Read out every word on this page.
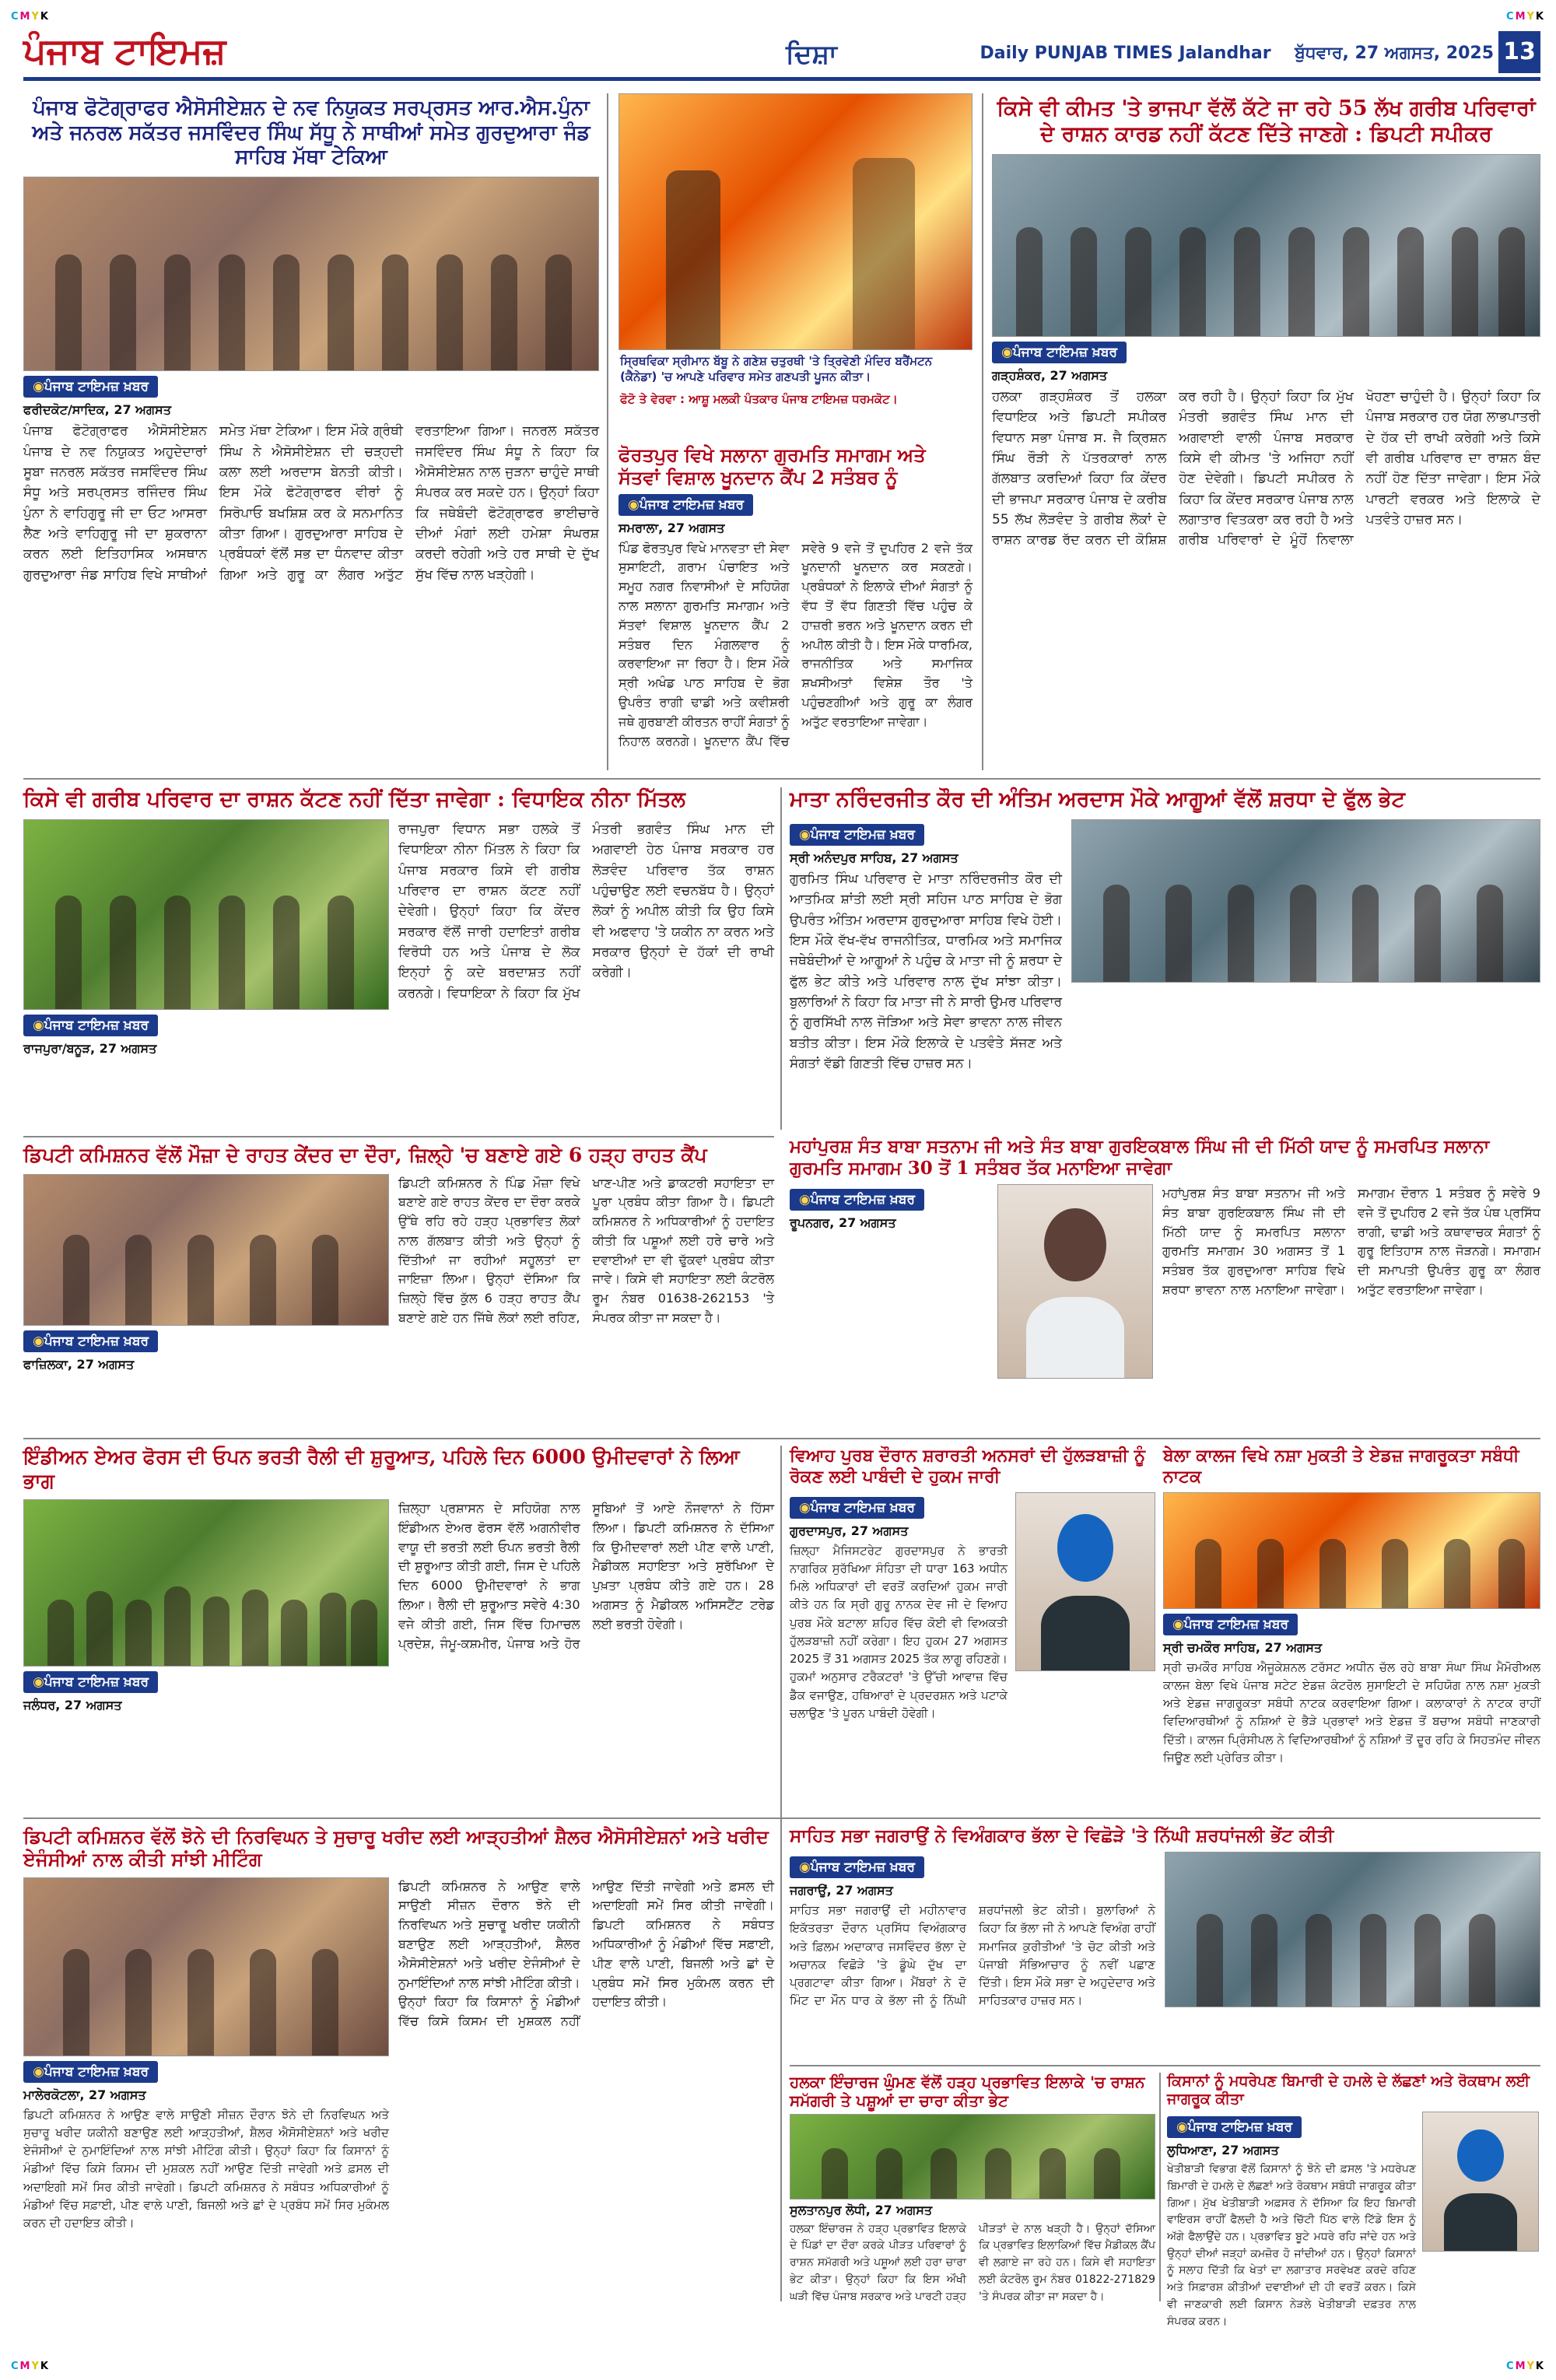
CMYK	CMYK
ਪੰਜਾਬ ਟਾਇਮਜ਼	ਦਿਸ਼ਾ	Daily PUNJAB TIMES Jalandhar ਬੁੱਧਵਾਰ, 27 ਅਗਸਤ, 2025 13
ਪੰਜਾਬ ਫੋਟੋਗ੍ਰਾਫਰ ਐਸੋਸੀਏਸ਼ਨ ਦੇ ਨਵ ਨਿਯੁਕਤ ਸਰਪ੍ਰਸਤ ਆਰ.ਐਸ.ਪੁੰਨਾ ਅਤੇ ਜਨਰਲ ਸਕੱਤਰ ਜਸਵਿੰਦਰ ਸਿੰਘ ਸੱਧੂ ਨੇ ਸਾਥੀਆਂ ਸਮੇਤ ਗੁਰਦੁਆਰਾ ਜੰਡ ਸਾਹਿਬ ਮੱਥਾ ਟੇਕਿਆ
◉ ਪੰਜਾਬ ਟਾਇਮਜ਼ ਖ਼ਬਰ
ਫਰੀਦਕੋਟ/ਸਾਦਿਕ, 27 ਅਗਸਤ
ਪੰਜਾਬ ਫੋਟੋਗ੍ਰਾਫਰ ਐਸੋਸੀਏਸ਼ਨ ਪੰਜਾਬ ਦੇ ਨਵ ਨਿਯੁਕਤ ਅਹੁਦੇਦਾਰਾਂ ਸੂਬਾ ਜਨਰਲ ਸਕੱਤਰ ਜਸਵਿੰਦਰ ਸਿੰਘ ਸੰਧੂ ਅਤੇ ਸਰਪ੍ਰਸਤ ਰਜਿੰਦਰ ਸਿੰਘ ਪੁੰਨਾ ਨੇ ਵਾਹਿਗੁਰੂ ਜੀ ਦਾ ਓਟ ਆਸਰਾ ਲੈਣ ਅਤੇ ਵਾਹਿਗੁਰੂ ਜੀ ਦਾ ਸ਼ੁਕਰਾਨਾ ਕਰਨ ਲਈ ਇਤਿਹਾਸਿਕ ਅਸਥਾਨ ਗੁਰਦੁਆਰਾ ਜੰਡ ਸਾਹਿਬ ਵਿਖੇ ਸਾਥੀਆਂ ਸਮੇਤ ਮੱਥਾ ਟੇਕਿਆ। ਇਸ ਮੌਕੇ ਗ੍ਰੰਥੀ ਸਿੰਘ ਨੇ ਐਸੋਸੀਏਸ਼ਨ ਦੀ ਚੜ੍ਹਦੀ ਕਲਾ ਲਈ ਅਰਦਾਸ ਬੇਨਤੀ ਕੀਤੀ। ਇਸ ਮੌਕੇ ਫੋਟੋਗ੍ਰਾਫਰ ਵੀਰਾਂ ਨੂੰ ਸਿਰੋਪਾਓ ਬਖਸ਼ਿਸ਼ ਕਰ ਕੇ ਸਨਮਾਨਿਤ ਕੀਤਾ ਗਿਆ। ਗੁਰਦੁਆਰਾ ਸਾਹਿਬ ਦੇ ਪ੍ਰਬੰਧਕਾਂ ਵੱਲੋਂ ਸਭ ਦਾ ਧੰਨਵਾਦ ਕੀਤਾ ਗਿਆ ਅਤੇ ਗੁਰੂ ਕਾ ਲੰਗਰ ਅਤੁੱਟ ਵਰਤਾਇਆ ਗਿਆ। ਜਨਰਲ ਸਕੱਤਰ ਜਸਵਿੰਦਰ ਸਿੰਘ ਸੰਧੂ ਨੇ ਕਿਹਾ ਕਿ ਐਸੋਸੀਏਸ਼ਨ ਨਾਲ ਜੁੜਨਾ ਚਾਹੁੰਦੇ ਸਾਥੀ ਸੰਪਰਕ ਕਰ ਸਕਦੇ ਹਨ। ਉਨ੍ਹਾਂ ਕਿਹਾ ਕਿ ਜਥੇਬੰਦੀ ਫੋਟੋਗ੍ਰਾਫਰ ਭਾਈਚਾਰੇ ਦੀਆਂ ਮੰਗਾਂ ਲਈ ਹਮੇਸ਼ਾ ਸੰਘਰਸ਼ ਕਰਦੀ ਰਹੇਗੀ ਅਤੇ ਹਰ ਸਾਥੀ ਦੇ ਦੁੱਖ ਸੁੱਖ ਵਿੱਚ ਨਾਲ ਖੜ੍ਹੇਗੀ।
ਸ੍ਰਿਥਵਿਕਾ ਸ੍ਰੀਮਾਨ ਬੱਬੂ ਨੇ ਗਣੇਸ਼ ਚਤੁਰਥੀ 'ਤੇ ਤ੍ਰਿਵੇਣੀ ਮੰਦਿਰ ਬਰੈਂਮਟਨ (ਕੈਨੇਡਾ) 'ਚ ਆਪਣੇ ਪਰਿਵਾਰ ਸਮੇਤ ਗਣਪਤੀ ਪੂਜਨ ਕੀਤਾ।
ਫੋਟੋ ਤੇ ਵੇਰਵਾ : ਆਸ਼ੂ ਮਲਕੀ ਪੰਤਕਾਰ ਪੰਜਾਬ ਟਾਇਮਜ਼ ਧਰਮਕੋਟ।
ਫੋਰਤਪੁਰ ਵਿਖੇ ਸਲਾਨਾ ਗੁਰਮਤਿ ਸਮਾਗਮ ਅਤੇ ਸੱਤਵਾਂ ਵਿਸ਼ਾਲ ਖੂਨਦਾਨ ਕੈਂਪ 2 ਸਤੰਬਰ ਨੂੰ
◉ ਪੰਜਾਬ ਟਾਇਮਜ਼ ਖ਼ਬਰ
ਸਮਰਾਲਾ, 27 ਅਗਸਤ
ਪਿੰਡ ਫੋਰਤਪੁਰ ਵਿਖੇ ਮਾਨਵਤਾ ਦੀ ਸੇਵਾ ਸੁਸਾਇਟੀ, ਗਰਾਮ ਪੰਚਾਇਤ ਅਤੇ ਸਮੂਹ ਨਗਰ ਨਿਵਾਸੀਆਂ ਦੇ ਸਹਿਯੋਗ ਨਾਲ ਸਲਾਨਾ ਗੁਰਮਤਿ ਸਮਾਗਮ ਅਤੇ ਸੱਤਵਾਂ ਵਿਸ਼ਾਲ ਖੂਨਦਾਨ ਕੈਂਪ 2 ਸਤੰਬਰ ਦਿਨ ਮੰਗਲਵਾਰ ਨੂੰ ਕਰਵਾਇਆ ਜਾ ਰਿਹਾ ਹੈ। ਇਸ ਮੌਕੇ ਸ੍ਰੀ ਅਖੰਡ ਪਾਠ ਸਾਹਿਬ ਦੇ ਭੋਗ ਉਪਰੰਤ ਰਾਗੀ ਢਾਡੀ ਅਤੇ ਕਵੀਸ਼ਰੀ ਜਥੇ ਗੁਰਬਾਣੀ ਕੀਰਤਨ ਰਾਹੀਂ ਸੰਗਤਾਂ ਨੂੰ ਨਿਹਾਲ ਕਰਨਗੇ। ਖੂਨਦਾਨ ਕੈਂਪ ਵਿੱਚ ਸਵੇਰੇ 9 ਵਜੇ ਤੋਂ ਦੁਪਹਿਰ 2 ਵਜੇ ਤੱਕ ਖੂਨਦਾਨੀ ਖੂਨਦਾਨ ਕਰ ਸਕਣਗੇ। ਪ੍ਰਬੰਧਕਾਂ ਨੇ ਇਲਾਕੇ ਦੀਆਂ ਸੰਗਤਾਂ ਨੂੰ ਵੱਧ ਤੋਂ ਵੱਧ ਗਿਣਤੀ ਵਿੱਚ ਪਹੁੰਚ ਕੇ ਹਾਜ਼ਰੀ ਭਰਨ ਅਤੇ ਖੂਨਦਾਨ ਕਰਨ ਦੀ ਅਪੀਲ ਕੀਤੀ ਹੈ। ਇਸ ਮੌਕੇ ਧਾਰਮਿਕ, ਰਾਜਨੀਤਿਕ ਅਤੇ ਸਮਾਜਿਕ ਸ਼ਖਸੀਅਤਾਂ ਵਿਸ਼ੇਸ਼ ਤੌਰ 'ਤੇ ਪਹੁੰਚਣਗੀਆਂ ਅਤੇ ਗੁਰੂ ਕਾ ਲੰਗਰ ਅਤੁੱਟ ਵਰਤਾਇਆ ਜਾਵੇਗਾ।
ਕਿਸੇ ਵੀ ਕੀਮਤ 'ਤੇ ਭਾਜਪਾ ਵੱਲੋਂ ਕੱਟੇ ਜਾ ਰਹੇ 55 ਲੱਖ ਗਰੀਬ ਪਰਿਵਾਰਾਂ ਦੇ ਰਾਸ਼ਨ ਕਾਰਡ ਨਹੀਂ ਕੱਟਣ ਦਿੱਤੇ ਜਾਣਗੇ : ਡਿਪਟੀ ਸਪੀਕਰ
◉ ਪੰਜਾਬ ਟਾਇਮਜ਼ ਖ਼ਬਰ
ਗੜ੍ਹਸ਼ੰਕਰ, 27 ਅਗਸਤ
ਹਲਕਾ ਗੜ੍ਹਸ਼ੰਕਰ ਤੋਂ ਹਲਕਾ ਵਿਧਾਇਕ ਅਤੇ ਡਿਪਟੀ ਸਪੀਕਰ ਵਿਧਾਨ ਸਭਾ ਪੰਜਾਬ ਸ. ਜੈ ਕ੍ਰਿਸ਼ਨ ਸਿੰਘ ਰੌੜੀ ਨੇ ਪੱਤਰਕਾਰਾਂ ਨਾਲ ਗੱਲਬਾਤ ਕਰਦਿਆਂ ਕਿਹਾ ਕਿ ਕੇਂਦਰ ਦੀ ਭਾਜਪਾ ਸਰਕਾਰ ਪੰਜਾਬ ਦੇ ਕਰੀਬ 55 ਲੱਖ ਲੋੜਵੰਦ ਤੇ ਗਰੀਬ ਲੋਕਾਂ ਦੇ ਰਾਸ਼ਨ ਕਾਰਡ ਰੱਦ ਕਰਨ ਦੀ ਕੋਸ਼ਿਸ਼ ਕਰ ਰਹੀ ਹੈ। ਉਨ੍ਹਾਂ ਕਿਹਾ ਕਿ ਮੁੱਖ ਮੰਤਰੀ ਭਗਵੰਤ ਸਿੰਘ ਮਾਨ ਦੀ ਅਗਵਾਈ ਵਾਲੀ ਪੰਜਾਬ ਸਰਕਾਰ ਕਿਸੇ ਵੀ ਕੀਮਤ 'ਤੇ ਅਜਿਹਾ ਨਹੀਂ ਹੋਣ ਦੇਵੇਗੀ। ਡਿਪਟੀ ਸਪੀਕਰ ਨੇ ਕਿਹਾ ਕਿ ਕੇਂਦਰ ਸਰਕਾਰ ਪੰਜਾਬ ਨਾਲ ਲਗਾਤਾਰ ਵਿਤਕਰਾ ਕਰ ਰਹੀ ਹੈ ਅਤੇ ਗਰੀਬ ਪਰਿਵਾਰਾਂ ਦੇ ਮੂੰਹੋਂ ਨਿਵਾਲਾ ਖੋਹਣਾ ਚਾਹੁੰਦੀ ਹੈ। ਉਨ੍ਹਾਂ ਕਿਹਾ ਕਿ ਪੰਜਾਬ ਸਰਕਾਰ ਹਰ ਯੋਗ ਲਾਭਪਾਤਰੀ ਦੇ ਹੱਕ ਦੀ ਰਾਖੀ ਕਰੇਗੀ ਅਤੇ ਕਿਸੇ ਵੀ ਗਰੀਬ ਪਰਿਵਾਰ ਦਾ ਰਾਸ਼ਨ ਬੰਦ ਨਹੀਂ ਹੋਣ ਦਿੱਤਾ ਜਾਵੇਗਾ। ਇਸ ਮੌਕੇ ਪਾਰਟੀ ਵਰਕਰ ਅਤੇ ਇਲਾਕੇ ਦੇ ਪਤਵੰਤੇ ਹਾਜ਼ਰ ਸਨ।
ਕਿਸੇ ਵੀ ਗਰੀਬ ਪਰਿਵਾਰ ਦਾ ਰਾਸ਼ਨ ਕੱਟਣ ਨਹੀਂ ਦਿੱਤਾ ਜਾਵੇਗਾ : ਵਿਧਾਇਕ ਨੀਨਾ ਮਿੱਤਲ
◉ ਪੰਜਾਬ ਟਾਇਮਜ਼ ਖ਼ਬਰ
ਰਾਜਪੁਰਾ/ਬਨੂੜ, 27 ਅਗਸਤ
ਰਾਜਪੁਰਾ ਵਿਧਾਨ ਸਭਾ ਹਲਕੇ ਤੋਂ ਵਿਧਾਇਕਾ ਨੀਨਾ ਮਿੱਤਲ ਨੇ ਕਿਹਾ ਕਿ ਪੰਜਾਬ ਸਰਕਾਰ ਕਿਸੇ ਵੀ ਗਰੀਬ ਪਰਿਵਾਰ ਦਾ ਰਾਸ਼ਨ ਕੱਟਣ ਨਹੀਂ ਦੇਵੇਗੀ। ਉਨ੍ਹਾਂ ਕਿਹਾ ਕਿ ਕੇਂਦਰ ਸਰਕਾਰ ਵੱਲੋਂ ਜਾਰੀ ਹਦਾਇਤਾਂ ਗਰੀਬ ਵਿਰੋਧੀ ਹਨ ਅਤੇ ਪੰਜਾਬ ਦੇ ਲੋਕ ਇਨ੍ਹਾਂ ਨੂੰ ਕਦੇ ਬਰਦਾਸ਼ਤ ਨਹੀਂ ਕਰਨਗੇ। ਵਿਧਾਇਕਾ ਨੇ ਕਿਹਾ ਕਿ ਮੁੱਖ ਮੰਤਰੀ ਭਗਵੰਤ ਸਿੰਘ ਮਾਨ ਦੀ ਅਗਵਾਈ ਹੇਠ ਪੰਜਾਬ ਸਰਕਾਰ ਹਰ ਲੋੜਵੰਦ ਪਰਿਵਾਰ ਤੱਕ ਰਾਸ਼ਨ ਪਹੁੰਚਾਉਣ ਲਈ ਵਚਨਬੱਧ ਹੈ। ਉਨ੍ਹਾਂ ਲੋਕਾਂ ਨੂੰ ਅਪੀਲ ਕੀਤੀ ਕਿ ਉਹ ਕਿਸੇ ਵੀ ਅਫਵਾਹ 'ਤੇ ਯਕੀਨ ਨਾ ਕਰਨ ਅਤੇ ਸਰਕਾਰ ਉਨ੍ਹਾਂ ਦੇ ਹੱਕਾਂ ਦੀ ਰਾਖੀ ਕਰੇਗੀ।
ਮਾਤਾ ਨਰਿੰਦਰਜੀਤ ਕੌਰ ਦੀ ਅੰਤਿਮ ਅਰਦਾਸ ਮੌਕੇ ਆਗੂਆਂ ਵੱਲੋਂ ਸ਼ਰਧਾ ਦੇ ਫੁੱਲ ਭੇਟ
◉ ਪੰਜਾਬ ਟਾਇਮਜ਼ ਖ਼ਬਰ
ਸ੍ਰੀ ਅਨੰਦਪੁਰ ਸਾਹਿਬ, 27 ਅਗਸਤ
ਗੁਰਮਿਤ ਸਿੰਘ ਪਰਿਵਾਰ ਦੇ ਮਾਤਾ ਨਰਿੰਦਰਜੀਤ ਕੌਰ ਦੀ ਆਤਮਿਕ ਸ਼ਾਂਤੀ ਲਈ ਸ੍ਰੀ ਸਹਿਜ ਪਾਠ ਸਾਹਿਬ ਦੇ ਭੋਗ ਉਪਰੰਤ ਅੰਤਿਮ ਅਰਦਾਸ ਗੁਰਦੁਆਰਾ ਸਾਹਿਬ ਵਿਖੇ ਹੋਈ। ਇਸ ਮੌਕੇ ਵੱਖ-ਵੱਖ ਰਾਜਨੀਤਿਕ, ਧਾਰਮਿਕ ਅਤੇ ਸਮਾਜਿਕ ਜਥੇਬੰਦੀਆਂ ਦੇ ਆਗੂਆਂ ਨੇ ਪਹੁੰਚ ਕੇ ਮਾਤਾ ਜੀ ਨੂੰ ਸ਼ਰਧਾ ਦੇ ਫੁੱਲ ਭੇਟ ਕੀਤੇ ਅਤੇ ਪਰਿਵਾਰ ਨਾਲ ਦੁੱਖ ਸਾਂਝਾ ਕੀਤਾ। ਬੁਲਾਰਿਆਂ ਨੇ ਕਿਹਾ ਕਿ ਮਾਤਾ ਜੀ ਨੇ ਸਾਰੀ ਉਮਰ ਪਰਿਵਾਰ ਨੂੰ ਗੁਰਸਿੱਖੀ ਨਾਲ ਜੋੜਿਆ ਅਤੇ ਸੇਵਾ ਭਾਵਨਾ ਨਾਲ ਜੀਵਨ ਬਤੀਤ ਕੀਤਾ। ਇਸ ਮੌਕੇ ਇਲਾਕੇ ਦੇ ਪਤਵੰਤੇ ਸੱਜਣ ਅਤੇ ਸੰਗਤਾਂ ਵੱਡੀ ਗਿਣਤੀ ਵਿੱਚ ਹਾਜ਼ਰ ਸਨ।
ਡਿਪਟੀ ਕਮਿਸ਼ਨਰ ਵੱਲੋਂ ਮੌਜ਼ਾ ਦੇ ਰਾਹਤ ਕੇਂਦਰ ਦਾ ਦੌਰਾ, ਜ਼ਿਲ੍ਹੇ 'ਚ ਬਣਾਏ ਗਏ 6 ਹੜ੍ਹ ਰਾਹਤ ਕੈਂਪ
◉ ਪੰਜਾਬ ਟਾਇਮਜ਼ ਖ਼ਬਰ
ਫਾਜ਼ਿਲਕਾ, 27 ਅਗਸਤ
ਡਿਪਟੀ ਕਮਿਸ਼ਨਰ ਨੇ ਪਿੰਡ ਮੌਜ਼ਾ ਵਿਖੇ ਬਣਾਏ ਗਏ ਰਾਹਤ ਕੇਂਦਰ ਦਾ ਦੌਰਾ ਕਰਕੇ ਉੱਥੇ ਰਹਿ ਰਹੇ ਹੜ੍ਹ ਪ੍ਰਭਾਵਿਤ ਲੋਕਾਂ ਨਾਲ ਗੱਲਬਾਤ ਕੀਤੀ ਅਤੇ ਉਨ੍ਹਾਂ ਨੂੰ ਦਿੱਤੀਆਂ ਜਾ ਰਹੀਆਂ ਸਹੂਲਤਾਂ ਦਾ ਜਾਇਜ਼ਾ ਲਿਆ। ਉਨ੍ਹਾਂ ਦੱਸਿਆ ਕਿ ਜ਼ਿਲ੍ਹੇ ਵਿੱਚ ਕੁੱਲ 6 ਹੜ੍ਹ ਰਾਹਤ ਕੈਂਪ ਬਣਾਏ ਗਏ ਹਨ ਜਿੱਥੇ ਲੋਕਾਂ ਲਈ ਰਹਿਣ, ਖਾਣ-ਪੀਣ ਅਤੇ ਡਾਕਟਰੀ ਸਹਾਇਤਾ ਦਾ ਪੂਰਾ ਪ੍ਰਬੰਧ ਕੀਤਾ ਗਿਆ ਹੈ। ਡਿਪਟੀ ਕਮਿਸ਼ਨਰ ਨੇ ਅਧਿਕਾਰੀਆਂ ਨੂੰ ਹਦਾਇਤ ਕੀਤੀ ਕਿ ਪਸ਼ੂਆਂ ਲਈ ਹਰੇ ਚਾਰੇ ਅਤੇ ਦਵਾਈਆਂ ਦਾ ਵੀ ਢੁੱਕਵਾਂ ਪ੍ਰਬੰਧ ਕੀਤਾ ਜਾਵੇ। ਕਿਸੇ ਵੀ ਸਹਾਇਤਾ ਲਈ ਕੰਟਰੋਲ ਰੂਮ ਨੰਬਰ 01638-262153 'ਤੇ ਸੰਪਰਕ ਕੀਤਾ ਜਾ ਸਕਦਾ ਹੈ।
ਮਹਾਂਪੁਰਸ਼ ਸੰਤ ਬਾਬਾ ਸਤਨਾਮ ਜੀ ਅਤੇ ਸੰਤ ਬਾਬਾ ਗੁਰਇਕਬਾਲ ਸਿੰਘ ਜੀ ਦੀ ਮਿੱਠੀ ਯਾਦ ਨੂੰ ਸਮਰਪਿਤ ਸਲਾਨਾ ਗੁਰਮਤਿ ਸਮਾਗਮ 30 ਤੋਂ 1 ਸਤੰਬਰ ਤੱਕ ਮਨਾਇਆ ਜਾਵੇਗਾ
◉ ਪੰਜਾਬ ਟਾਇਮਜ਼ ਖ਼ਬਰ
ਰੂਪਨਗਰ, 27 ਅਗਸਤ
ਮਹਾਂਪੁਰਸ਼ ਸੰਤ ਬਾਬਾ ਸਤਨਾਮ ਜੀ ਅਤੇ ਸੰਤ ਬਾਬਾ ਗੁਰਇਕਬਾਲ ਸਿੰਘ ਜੀ ਦੀ ਮਿੱਠੀ ਯਾਦ ਨੂੰ ਸਮਰਪਿਤ ਸਲਾਨਾ ਗੁਰਮਤਿ ਸਮਾਗਮ 30 ਅਗਸਤ ਤੋਂ 1 ਸਤੰਬਰ ਤੱਕ ਗੁਰਦੁਆਰਾ ਸਾਹਿਬ ਵਿਖੇ ਸ਼ਰਧਾ ਭਾਵਨਾ ਨਾਲ ਮਨਾਇਆ ਜਾਵੇਗਾ। ਸਮਾਗਮ ਦੌਰਾਨ 1 ਸਤੰਬਰ ਨੂੰ ਸਵੇਰੇ 9 ਵਜੇ ਤੋਂ ਦੁਪਹਿਰ 2 ਵਜੇ ਤੱਕ ਪੰਥ ਪ੍ਰਸਿੱਧ ਰਾਗੀ, ਢਾਡੀ ਅਤੇ ਕਥਾਵਾਚਕ ਸੰਗਤਾਂ ਨੂੰ ਗੁਰੂ ਇਤਿਹਾਸ ਨਾਲ ਜੋੜਨਗੇ। ਸਮਾਗਮ ਦੀ ਸਮਾਪਤੀ ਉਪਰੰਤ ਗੁਰੂ ਕਾ ਲੰਗਰ ਅਤੁੱਟ ਵਰਤਾਇਆ ਜਾਵੇਗਾ।
ਇੰਡੀਅਨ ਏਅਰ ਫੋਰਸ ਦੀ ਓਪਨ ਭਰਤੀ ਰੈਲੀ ਦੀ ਸ਼ੁਰੂਆਤ, ਪਹਿਲੇ ਦਿਨ 6000 ਉਮੀਦਵਾਰਾਂ ਨੇ ਲਿਆ ਭਾਗ
◉ ਪੰਜਾਬ ਟਾਇਮਜ਼ ਖ਼ਬਰ
ਜਲੰਧਰ, 27 ਅਗਸਤ
ਜ਼ਿਲ੍ਹਾ ਪ੍ਰਸ਼ਾਸਨ ਦੇ ਸਹਿਯੋਗ ਨਾਲ ਇੰਡੀਅਨ ਏਅਰ ਫੋਰਸ ਵੱਲੋਂ ਅਗਨੀਵੀਰ ਵਾਯੂ ਦੀ ਭਰਤੀ ਲਈ ਓਪਨ ਭਰਤੀ ਰੈਲੀ ਦੀ ਸ਼ੁਰੂਆਤ ਕੀਤੀ ਗਈ, ਜਿਸ ਦੇ ਪਹਿਲੇ ਦਿਨ 6000 ਉਮੀਦਵਾਰਾਂ ਨੇ ਭਾਗ ਲਿਆ। ਰੈਲੀ ਦੀ ਸ਼ੁਰੂਆਤ ਸਵੇਰੇ 4:30 ਵਜੇ ਕੀਤੀ ਗਈ, ਜਿਸ ਵਿੱਚ ਹਿਮਾਚਲ ਪ੍ਰਦੇਸ਼, ਜੰਮੂ-ਕਸ਼ਮੀਰ, ਪੰਜਾਬ ਅਤੇ ਹੋਰ ਸੂਬਿਆਂ ਤੋਂ ਆਏ ਨੌਜਵਾਨਾਂ ਨੇ ਹਿੱਸਾ ਲਿਆ। ਡਿਪਟੀ ਕਮਿਸ਼ਨਰ ਨੇ ਦੱਸਿਆ ਕਿ ਉਮੀਦਵਾਰਾਂ ਲਈ ਪੀਣ ਵਾਲੇ ਪਾਣੀ, ਮੈਡੀਕਲ ਸਹਾਇਤਾ ਅਤੇ ਸੁਰੱਖਿਆ ਦੇ ਪੁਖ਼ਤਾ ਪ੍ਰਬੰਧ ਕੀਤੇ ਗਏ ਹਨ। 28 ਅਗਸਤ ਨੂੰ ਮੈਡੀਕਲ ਅਸਿਸਟੈਂਟ ਟਰੇਡ ਲਈ ਭਰਤੀ ਹੋਵੇਗੀ।
ਵਿਆਹ ਪੁਰਬ ਦੌਰਾਨ ਸ਼ਰਾਰਤੀ ਅਨਸਰਾਂ ਦੀ ਹੁੱਲੜਬਾਜ਼ੀ ਨੂੰ ਰੋਕਣ ਲਈ ਪਾਬੰਦੀ ਦੇ ਹੁਕਮ ਜਾਰੀ
◉ ਪੰਜਾਬ ਟਾਇਮਜ਼ ਖ਼ਬਰ
ਗੁਰਦਾਸਪੁਰ, 27 ਅਗਸਤ
ਜ਼ਿਲ੍ਹਾ ਮੈਜਿਸਟਰੇਟ ਗੁਰਦਾਸਪੁਰ ਨੇ ਭਾਰਤੀ ਨਾਗਰਿਕ ਸੁਰੱਖਿਆ ਸੰਹਿਤਾ ਦੀ ਧਾਰਾ 163 ਅਧੀਨ ਮਿਲੇ ਅਧਿਕਾਰਾਂ ਦੀ ਵਰਤੋਂ ਕਰਦਿਆਂ ਹੁਕਮ ਜਾਰੀ ਕੀਤੇ ਹਨ ਕਿ ਸ੍ਰੀ ਗੁਰੂ ਨਾਨਕ ਦੇਵ ਜੀ ਦੇ ਵਿਆਹ ਪੁਰਬ ਮੌਕੇ ਬਟਾਲਾ ਸ਼ਹਿਰ ਵਿੱਚ ਕੋਈ ਵੀ ਵਿਅਕਤੀ ਹੁੱਲੜਬਾਜ਼ੀ ਨਹੀਂ ਕਰੇਗਾ। ਇਹ ਹੁਕਮ 27 ਅਗਸਤ 2025 ਤੋਂ 31 ਅਗਸਤ 2025 ਤੱਕ ਲਾਗੂ ਰਹਿਣਗੇ। ਹੁਕਮਾਂ ਅਨੁਸਾਰ ਟਰੈਕਟਰਾਂ 'ਤੇ ਉੱਚੀ ਆਵਾਜ਼ ਵਿੱਚ ਡੈੱਕ ਵਜਾਉਣ, ਹਥਿਆਰਾਂ ਦੇ ਪ੍ਰਦਰਸ਼ਨ ਅਤੇ ਪਟਾਕੇ ਚਲਾਉਣ 'ਤੇ ਪੂਰਨ ਪਾਬੰਦੀ ਹੋਵੇਗੀ।
ਬੇਲਾ ਕਾਲਜ ਵਿਖੇ ਨਸ਼ਾ ਮੁਕਤੀ ਤੇ ਏਡਜ਼ ਜਾਗਰੂਕਤਾ ਸਬੰਧੀ ਨਾਟਕ
◉ ਪੰਜਾਬ ਟਾਇਮਜ਼ ਖ਼ਬਰ
ਸ੍ਰੀ ਚਮਕੌਰ ਸਾਹਿਬ, 27 ਅਗਸਤ
ਸ੍ਰੀ ਚਮਕੌਰ ਸਾਹਿਬ ਐਜੂਕੇਸ਼ਨਲ ਟਰੱਸਟ ਅਧੀਨ ਚੱਲ ਰਹੇ ਬਾਬਾ ਸੰਘਾ ਸਿੰਘ ਮੈਮੋਰੀਅਲ ਕਾਲਜ ਬੇਲਾ ਵਿਖੇ ਪੰਜਾਬ ਸਟੇਟ ਏਡਜ਼ ਕੰਟਰੋਲ ਸੁਸਾਇਟੀ ਦੇ ਸਹਿਯੋਗ ਨਾਲ ਨਸ਼ਾ ਮੁਕਤੀ ਅਤੇ ਏਡਜ਼ ਜਾਗਰੂਕਤਾ ਸਬੰਧੀ ਨਾਟਕ ਕਰਵਾਇਆ ਗਿਆ। ਕਲਾਕਾਰਾਂ ਨੇ ਨਾਟਕ ਰਾਹੀਂ ਵਿਦਿਆਰਥੀਆਂ ਨੂੰ ਨਸ਼ਿਆਂ ਦੇ ਭੈੜੇ ਪ੍ਰਭਾਵਾਂ ਅਤੇ ਏਡਜ਼ ਤੋਂ ਬਚਾਅ ਸਬੰਧੀ ਜਾਣਕਾਰੀ ਦਿੱਤੀ। ਕਾਲਜ ਪ੍ਰਿੰਸੀਪਲ ਨੇ ਵਿਦਿਆਰਥੀਆਂ ਨੂੰ ਨਸ਼ਿਆਂ ਤੋਂ ਦੂਰ ਰਹਿ ਕੇ ਸਿਹਤਮੰਦ ਜੀਵਨ ਜਿਊਣ ਲਈ ਪ੍ਰੇਰਿਤ ਕੀਤਾ।
ਸਾਹਿਤ ਸਭਾ ਜਗਰਾਉਂ ਨੇ ਵਿਅੰਗਕਾਰ ਭੱਲਾ ਦੇ ਵਿਛੋੜੇ 'ਤੇ ਨਿੱਘੀ ਸ਼ਰਧਾਂਜਲੀ ਭੇਂਟ ਕੀਤੀ
◉ ਪੰਜਾਬ ਟਾਇਮਜ਼ ਖ਼ਬਰ
ਜਗਰਾਉਂ, 27 ਅਗਸਤ
ਸਾਹਿਤ ਸਭਾ ਜਗਰਾਉਂ ਦੀ ਮਹੀਨਾਵਾਰ ਇਕੱਤਰਤਾ ਦੌਰਾਨ ਪ੍ਰਸਿੱਧ ਵਿਅੰਗਕਾਰ ਅਤੇ ਫ਼ਿਲਮ ਅਦਾਕਾਰ ਜਸਵਿੰਦਰ ਭੱਲਾ ਦੇ ਅਚਾਨਕ ਵਿਛੋੜੇ 'ਤੇ ਡੂੰਘੇ ਦੁੱਖ ਦਾ ਪ੍ਰਗਟਾਵਾ ਕੀਤਾ ਗਿਆ। ਮੈਂਬਰਾਂ ਨੇ ਦੋ ਮਿੰਟ ਦਾ ਮੌਨ ਧਾਰ ਕੇ ਭੱਲਾ ਜੀ ਨੂੰ ਨਿੱਘੀ ਸ਼ਰਧਾਂਜਲੀ ਭੇਟ ਕੀਤੀ। ਬੁਲਾਰਿਆਂ ਨੇ ਕਿਹਾ ਕਿ ਭੱਲਾ ਜੀ ਨੇ ਆਪਣੇ ਵਿਅੰਗ ਰਾਹੀਂ ਸਮਾਜਿਕ ਕੁਰੀਤੀਆਂ 'ਤੇ ਚੋਟ ਕੀਤੀ ਅਤੇ ਪੰਜਾਬੀ ਸੱਭਿਆਚਾਰ ਨੂੰ ਨਵੀਂ ਪਛਾਣ ਦਿੱਤੀ। ਇਸ ਮੌਕੇ ਸਭਾ ਦੇ ਅਹੁਦੇਦਾਰ ਅਤੇ ਸਾਹਿਤਕਾਰ ਹਾਜ਼ਰ ਸਨ।
ਡਿਪਟੀ ਕਮਿਸ਼ਨਰ ਵੱਲੋਂ ਝੋਨੇ ਦੀ ਨਿਰਵਿਘਨ ਤੇ ਸੁਚਾਰੂ ਖਰੀਦ ਲਈ ਆੜ੍ਹਤੀਆਂ ਸ਼ੈਲਰ ਐਸੋਸੀਏਸ਼ਨਾਂ ਅਤੇ ਖਰੀਦ ਏਜੰਸੀਆਂ ਨਾਲ ਕੀਤੀ ਸਾਂਝੀ ਮੀਟਿੰਗ
◉ ਪੰਜਾਬ ਟਾਇਮਜ਼ ਖ਼ਬਰ
ਮਾਲੇਰਕੋਟਲਾ, 27 ਅਗਸਤ
ਡਿਪਟੀ ਕਮਿਸ਼ਨਰ ਨੇ ਆਉਣ ਵਾਲੇ ਸਾਉਣੀ ਸੀਜ਼ਨ ਦੌਰਾਨ ਝੋਨੇ ਦੀ ਨਿਰਵਿਘਨ ਅਤੇ ਸੁਚਾਰੂ ਖਰੀਦ ਯਕੀਨੀ ਬਣਾਉਣ ਲਈ ਆੜ੍ਹਤੀਆਂ, ਸ਼ੈਲਰ ਐਸੋਸੀਏਸ਼ਨਾਂ ਅਤੇ ਖਰੀਦ ਏਜੰਸੀਆਂ ਦੇ ਨੁਮਾਇੰਦਿਆਂ ਨਾਲ ਸਾਂਝੀ ਮੀਟਿੰਗ ਕੀਤੀ। ਉਨ੍ਹਾਂ ਕਿਹਾ ਕਿ ਕਿਸਾਨਾਂ ਨੂੰ ਮੰਡੀਆਂ ਵਿੱਚ ਕਿਸੇ ਕਿਸਮ ਦੀ ਮੁਸ਼ਕਲ ਨਹੀਂ ਆਉਣ ਦਿੱਤੀ ਜਾਵੇਗੀ ਅਤੇ ਫ਼ਸਲ ਦੀ ਅਦਾਇਗੀ ਸਮੇਂ ਸਿਰ ਕੀਤੀ ਜਾਵੇਗੀ। ਡਿਪਟੀ ਕਮਿਸ਼ਨਰ ਨੇ ਸਬੰਧਤ ਅਧਿਕਾਰੀਆਂ ਨੂੰ ਮੰਡੀਆਂ ਵਿੱਚ ਸਫ਼ਾਈ, ਪੀਣ ਵਾਲੇ ਪਾਣੀ, ਬਿਜਲੀ ਅਤੇ ਛਾਂ ਦੇ ਪ੍ਰਬੰਧ ਸਮੇਂ ਸਿਰ ਮੁਕੰਮਲ ਕਰਨ ਦੀ ਹਦਾਇਤ ਕੀਤੀ।
ਡਿਪਟੀ ਕਮਿਸ਼ਨਰ ਨੇ ਆਉਣ ਵਾਲੇ ਸਾਉਣੀ ਸੀਜ਼ਨ ਦੌਰਾਨ ਝੋਨੇ ਦੀ ਨਿਰਵਿਘਨ ਅਤੇ ਸੁਚਾਰੂ ਖਰੀਦ ਯਕੀਨੀ ਬਣਾਉਣ ਲਈ ਆੜ੍ਹਤੀਆਂ, ਸ਼ੈਲਰ ਐਸੋਸੀਏਸ਼ਨਾਂ ਅਤੇ ਖਰੀਦ ਏਜੰਸੀਆਂ ਦੇ ਨੁਮਾਇੰਦਿਆਂ ਨਾਲ ਸਾਂਝੀ ਮੀਟਿੰਗ ਕੀਤੀ। ਉਨ੍ਹਾਂ ਕਿਹਾ ਕਿ ਕਿਸਾਨਾਂ ਨੂੰ ਮੰਡੀਆਂ ਵਿੱਚ ਕਿਸੇ ਕਿਸਮ ਦੀ ਮੁਸ਼ਕਲ ਨਹੀਂ ਆਉਣ ਦਿੱਤੀ ਜਾਵੇਗੀ ਅਤੇ ਫ਼ਸਲ ਦੀ ਅਦਾਇਗੀ ਸਮੇਂ ਸਿਰ ਕੀਤੀ ਜਾਵੇਗੀ। ਡਿਪਟੀ ਕਮਿਸ਼ਨਰ ਨੇ ਸਬੰਧਤ ਅਧਿਕਾਰੀਆਂ ਨੂੰ ਮੰਡੀਆਂ ਵਿੱਚ ਸਫ਼ਾਈ, ਪੀਣ ਵਾਲੇ ਪਾਣੀ, ਬਿਜਲੀ ਅਤੇ ਛਾਂ ਦੇ ਪ੍ਰਬੰਧ ਸਮੇਂ ਸਿਰ ਮੁਕੰਮਲ ਕਰਨ ਦੀ ਹਦਾਇਤ ਕੀਤੀ।
ਹਲਕਾ ਇੰਚਾਰਜ ਘੁੰਮਣ ਵੱਲੋਂ ਹੜ੍ਹ ਪ੍ਰਭਾਵਿਤ ਇਲਾਕੇ 'ਚ ਰਾਸ਼ਨ ਸਮੱਗਰੀ ਤੇ ਪਸ਼ੂਆਂ ਦਾ ਚਾਰਾ ਕੀਤਾ ਭੇਟ
ਸੁਲਤਾਨਪੁਰ ਲੋਧੀ, 27 ਅਗਸਤ
ਹਲਕਾ ਇੰਚਾਰਜ ਨੇ ਹੜ੍ਹ ਪ੍ਰਭਾਵਿਤ ਇਲਾਕੇ ਦੇ ਪਿੰਡਾਂ ਦਾ ਦੌਰਾ ਕਰਕੇ ਪੀੜਤ ਪਰਿਵਾਰਾਂ ਨੂੰ ਰਾਸ਼ਨ ਸਮੱਗਰੀ ਅਤੇ ਪਸ਼ੂਆਂ ਲਈ ਹਰਾ ਚਾਰਾ ਭੇਟ ਕੀਤਾ। ਉਨ੍ਹਾਂ ਕਿਹਾ ਕਿ ਇਸ ਔਖੀ ਘੜੀ ਵਿੱਚ ਪੰਜਾਬ ਸਰਕਾਰ ਅਤੇ ਪਾਰਟੀ ਹੜ੍ਹ ਪੀੜਤਾਂ ਦੇ ਨਾਲ ਖੜ੍ਹੀ ਹੈ। ਉਨ੍ਹਾਂ ਦੱਸਿਆ ਕਿ ਪ੍ਰਭਾਵਿਤ ਇਲਾਕਿਆਂ ਵਿੱਚ ਮੈਡੀਕਲ ਕੈਂਪ ਵੀ ਲਗਾਏ ਜਾ ਰਹੇ ਹਨ। ਕਿਸੇ ਵੀ ਸਹਾਇਤਾ ਲਈ ਕੰਟਰੋਲ ਰੂਮ ਨੰਬਰ 01822-271829 'ਤੇ ਸੰਪਰਕ ਕੀਤਾ ਜਾ ਸਕਦਾ ਹੈ।
ਕਿਸਾਨਾਂ ਨੂੰ ਮਧਰੇਪਣ ਬਿਮਾਰੀ ਦੇ ਹਮਲੇ ਦੇ ਲੱਛਣਾਂ ਅਤੇ ਰੋਕਥਾਮ ਲਈ ਜਾਗਰੂਕ ਕੀਤਾ
◉ ਪੰਜਾਬ ਟਾਇਮਜ਼ ਖ਼ਬਰ
ਲੁਧਿਆਣਾ, 27 ਅਗਸਤ
ਖੇਤੀਬਾੜੀ ਵਿਭਾਗ ਵੱਲੋਂ ਕਿਸਾਨਾਂ ਨੂੰ ਝੋਨੇ ਦੀ ਫ਼ਸਲ 'ਤੇ ਮਧਰੇਪਣ ਬਿਮਾਰੀ ਦੇ ਹਮਲੇ ਦੇ ਲੱਛਣਾਂ ਅਤੇ ਰੋਕਥਾਮ ਸਬੰਧੀ ਜਾਗਰੂਕ ਕੀਤਾ ਗਿਆ। ਮੁੱਖ ਖੇਤੀਬਾੜੀ ਅਫ਼ਸਰ ਨੇ ਦੱਸਿਆ ਕਿ ਇਹ ਬਿਮਾਰੀ ਵਾਇਰਸ ਰਾਹੀਂ ਫੈਲਦੀ ਹੈ ਅਤੇ ਚਿੱਟੀ ਪਿੱਠ ਵਾਲੇ ਟਿੱਡੇ ਇਸ ਨੂੰ ਅੱਗੇ ਫੈਲਾਉਂਦੇ ਹਨ। ਪ੍ਰਭਾਵਿਤ ਬੂਟੇ ਮਧਰੇ ਰਹਿ ਜਾਂਦੇ ਹਨ ਅਤੇ ਉਨ੍ਹਾਂ ਦੀਆਂ ਜੜ੍ਹਾਂ ਕਮਜ਼ੋਰ ਹੋ ਜਾਂਦੀਆਂ ਹਨ। ਉਨ੍ਹਾਂ ਕਿਸਾਨਾਂ ਨੂੰ ਸਲਾਹ ਦਿੱਤੀ ਕਿ ਖੇਤਾਂ ਦਾ ਲਗਾਤਾਰ ਸਰਵੇਖਣ ਕਰਦੇ ਰਹਿਣ ਅਤੇ ਸਿਫ਼ਾਰਸ਼ ਕੀਤੀਆਂ ਦਵਾਈਆਂ ਦੀ ਹੀ ਵਰਤੋਂ ਕਰਨ। ਕਿਸੇ ਵੀ ਜਾਣਕਾਰੀ ਲਈ ਕਿਸਾਨ ਨੇੜਲੇ ਖੇਤੀਬਾੜੀ ਦਫ਼ਤਰ ਨਾਲ ਸੰਪਰਕ ਕਰਨ।
CMYK	CMYK
